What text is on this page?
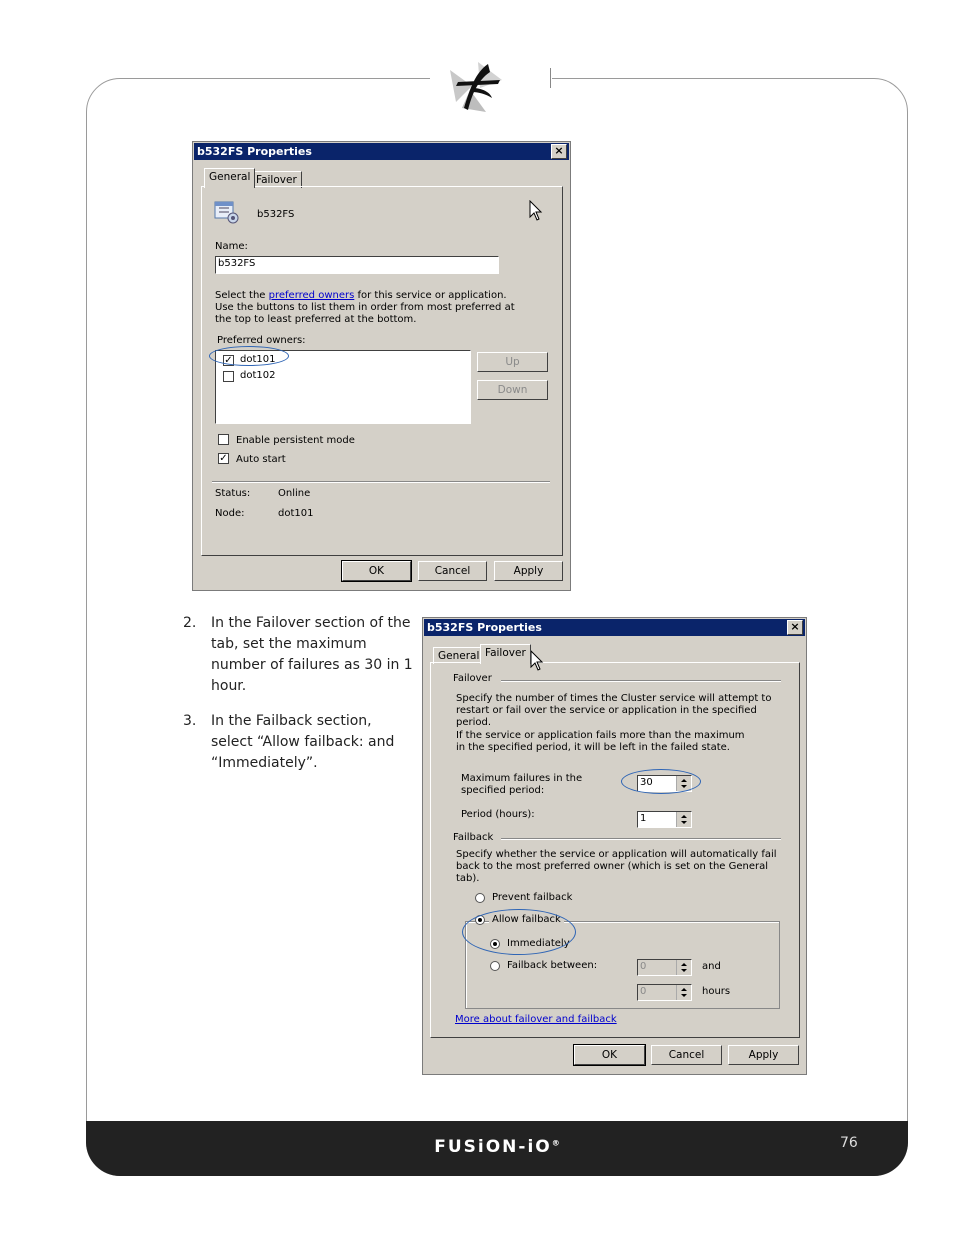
b532FS Properties	×
General Failover
b532FS
Name:
b532FS
Select the preferred owners for this service or application. Use the buttons to list them in order from most preferred at the top to least preferred at the bottom.
Preferred owners:
✓ dot101
dot102
Up
Down
Enable persistent mode
✓ Auto start
Status:	Online
Node:	dot101
OK	Cancel	Apply
2. In the Failover section of the tab, set the maximum number of failures as 30 in 1 hour.
3. In the Failback section, select “Allow failback: and “Immediately”.
b532FS Properties	×
General Failover
Failover
Specify the number of times the Cluster service will attempt to restart or fail over the service or application in the specified period.
If the service or application fails more than the maximum in the specified period, it will be left in the failed state.
Maximum failures in the specified period:
30
Period (hours):	1
Failback
Specify whether the service or application will automatically fail back to the most preferred owner (which is set on the General tab).
Prevent failback
Allow failback
Immediately
Failback between:	0	and
0	hours
More about failover and failback
OK	Cancel	Apply
FUSiON-iO®	76
